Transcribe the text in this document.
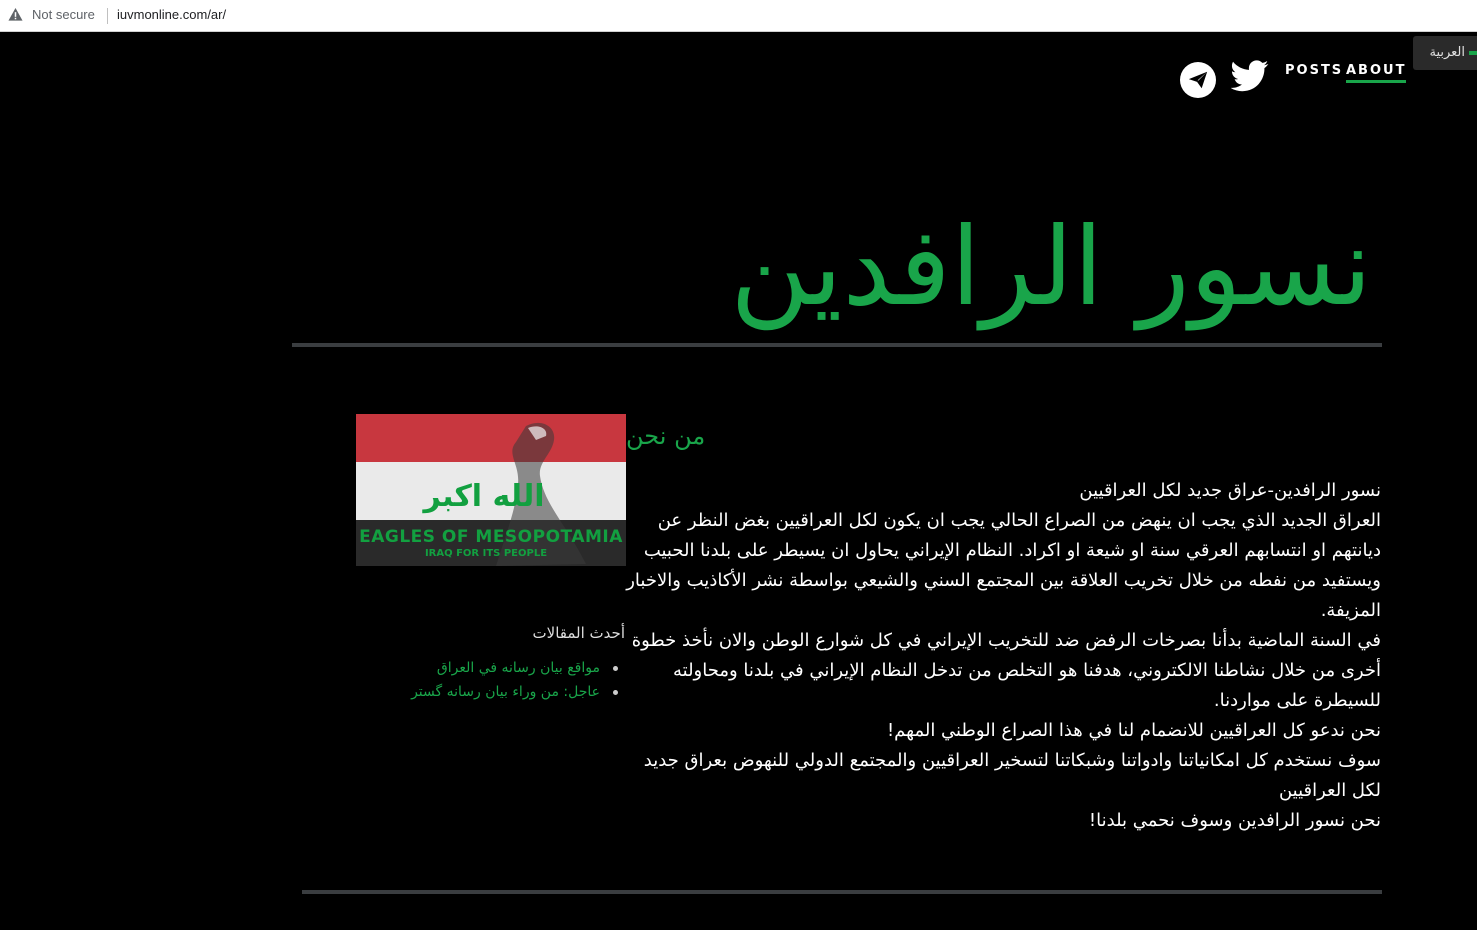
Not secure iuvmonline.com/ar/
العربية
POSTS ABOUT
نسور الرافدين
الله اكبر
EAGLES OF MESOPOTAMIA
IRAQ FOR ITS PEOPLE
من نحن

نسور الرافدين-عراق جديد لكل العراقيين

العراق الجديد الذي يجب ان ينهض من الصراع الحالي يجب ان يكون لكل العراقيين بغض النظر عن ديانتهم او انتسابهم العرقي سنة او شيعة او اكراد. النظام الإيراني يحاول ان يسيطر على بلدنا الحبيب ويستفيد من نفطه من خلال تخريب العلاقة بين المجتمع السني والشيعي بواسطة نشر الأكاذيب والاخبار المزيفة.

في السنة الماضية بدأنا بصرخات الرفض ضد للتخريب الإيراني في كل شوارع الوطن والان نأخذ خطوة أخرى من خلال نشاطنا الالكتروني، هدفنا هو التخلص من تدخل النظام الإيراني في بلدنا ومحاولته للسيطرة على مواردنا.

نحن ندعو كل العراقيين للانضمام لنا في هذا الصراع الوطني المهم!

سوف نستخدم كل امكانياتنا وادواتنا وشبكاتنا لتسخير العراقيين والمجتمع الدولي للنهوض بعراق جديد لكل العراقيين

نحن نسور الرافدين وسوف نحمي بلدنا!

أحدث المقالات
مواقع بيان رسانه في العراق
عاجل: من وراء بيان رسانه گستر
